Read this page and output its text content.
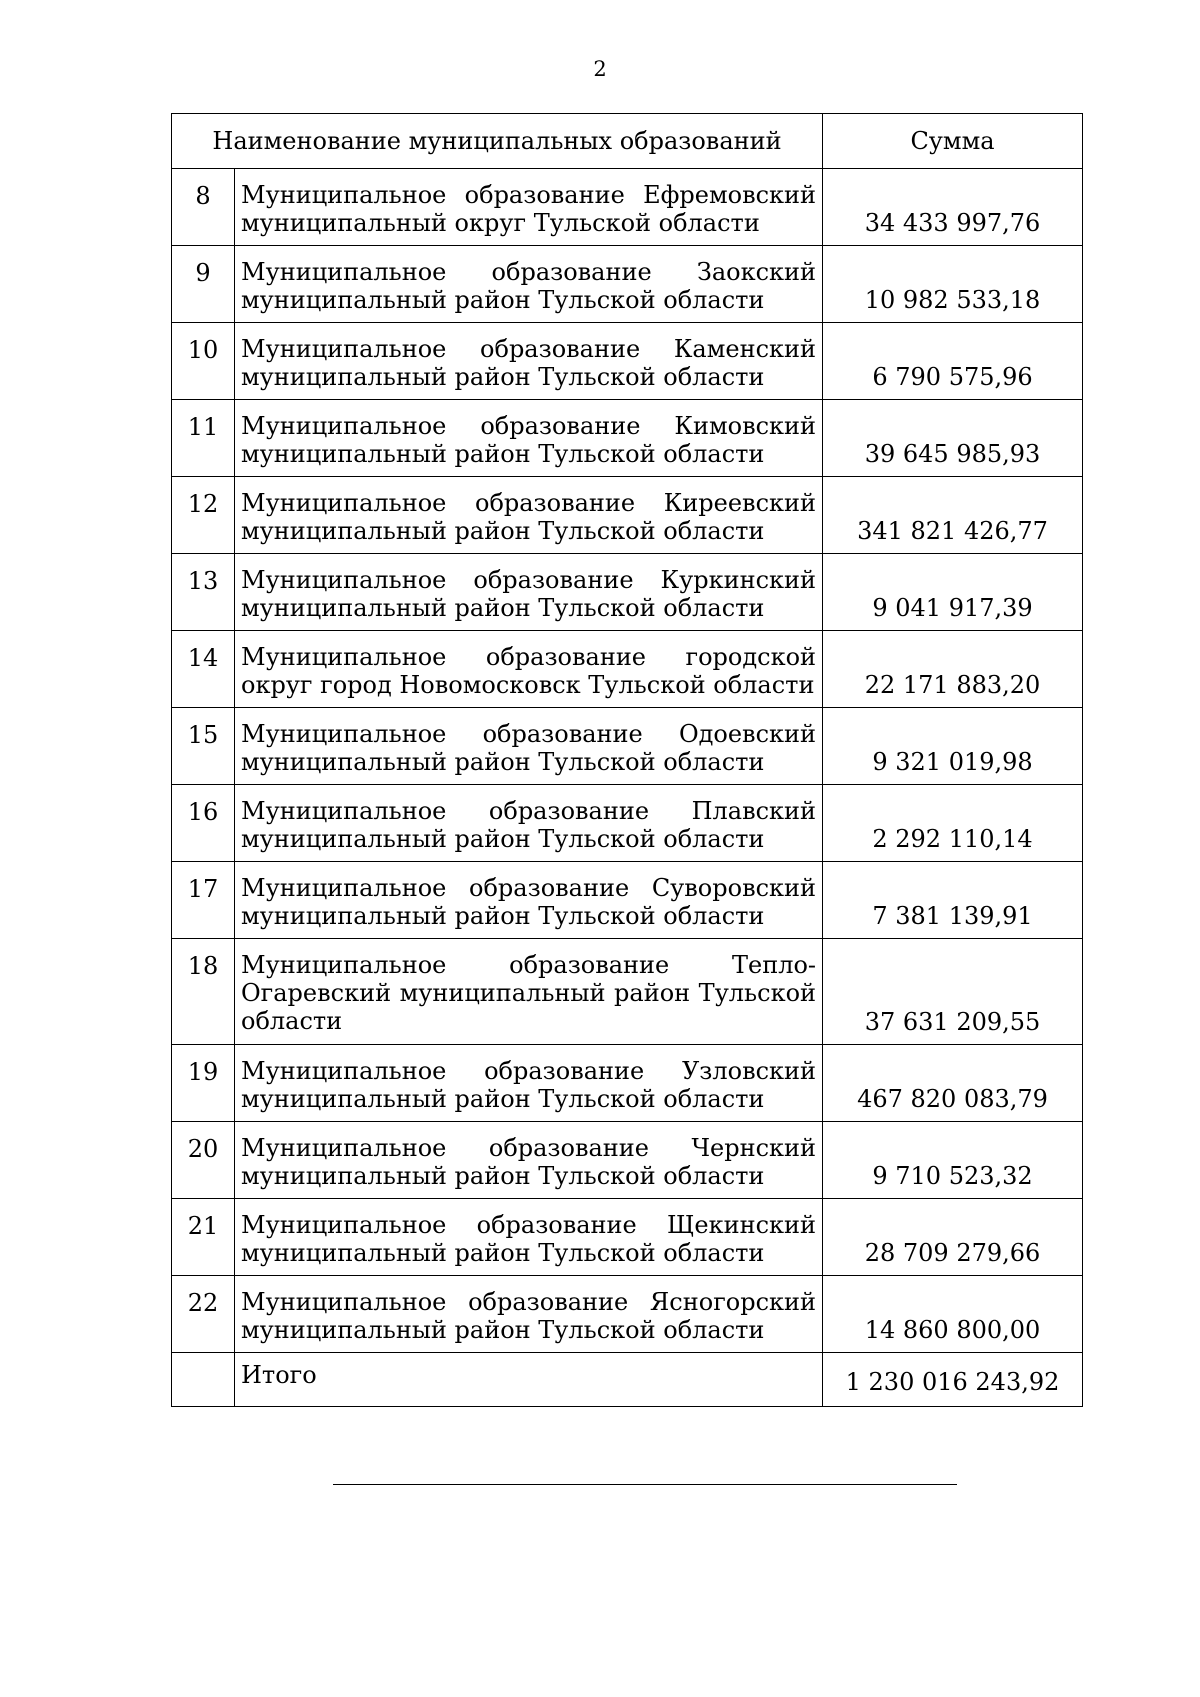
2
Наименование муниципальных образований		Сумма
8	Муниципальное образование Ефремовский муниципальный округ Тульской области	34 433 997,76
9	Муниципальное образование Заокский муниципальный район Тульской области	10 982 533,18
10	Муниципальное образование Каменский муниципальный район Тульской области	6 790 575,96
11	Муниципальное образование Кимовский муниципальный район Тульской области	39 645 985,93
12	Муниципальное образование Киреевский муниципальный район Тульской области	341 821 426,77
13	Муниципальное образование Куркинский муниципальный район Тульской области	9 041 917,39
14	Муниципальное образование городской округ город Новомосковск Тульской области	22 171 883,20
15	Муниципальное образование Одоевский муниципальный район Тульской области	9 321 019,98
16	Муниципальное образование Плавский муниципальный район Тульской области	2 292 110,14
17	Муниципальное образование Суворовский муниципальный район Тульской области	7 381 139,91
18	Муниципальное образование Тепло-Огаревский муниципальный район Тульской области	37 631 209,55
19	Муниципальное образование Узловский муниципальный район Тульской области	467 820 083,79
20	Муниципальное образование Чернский муниципальный район Тульской области	9 710 523,32
21	Муниципальное образование Щекинский муниципальный район Тульской области	28 709 279,66
22	Муниципальное образование Ясногорский муниципальный район Тульской области	14 860 800,00
	Итого	1 230 016 243,92
